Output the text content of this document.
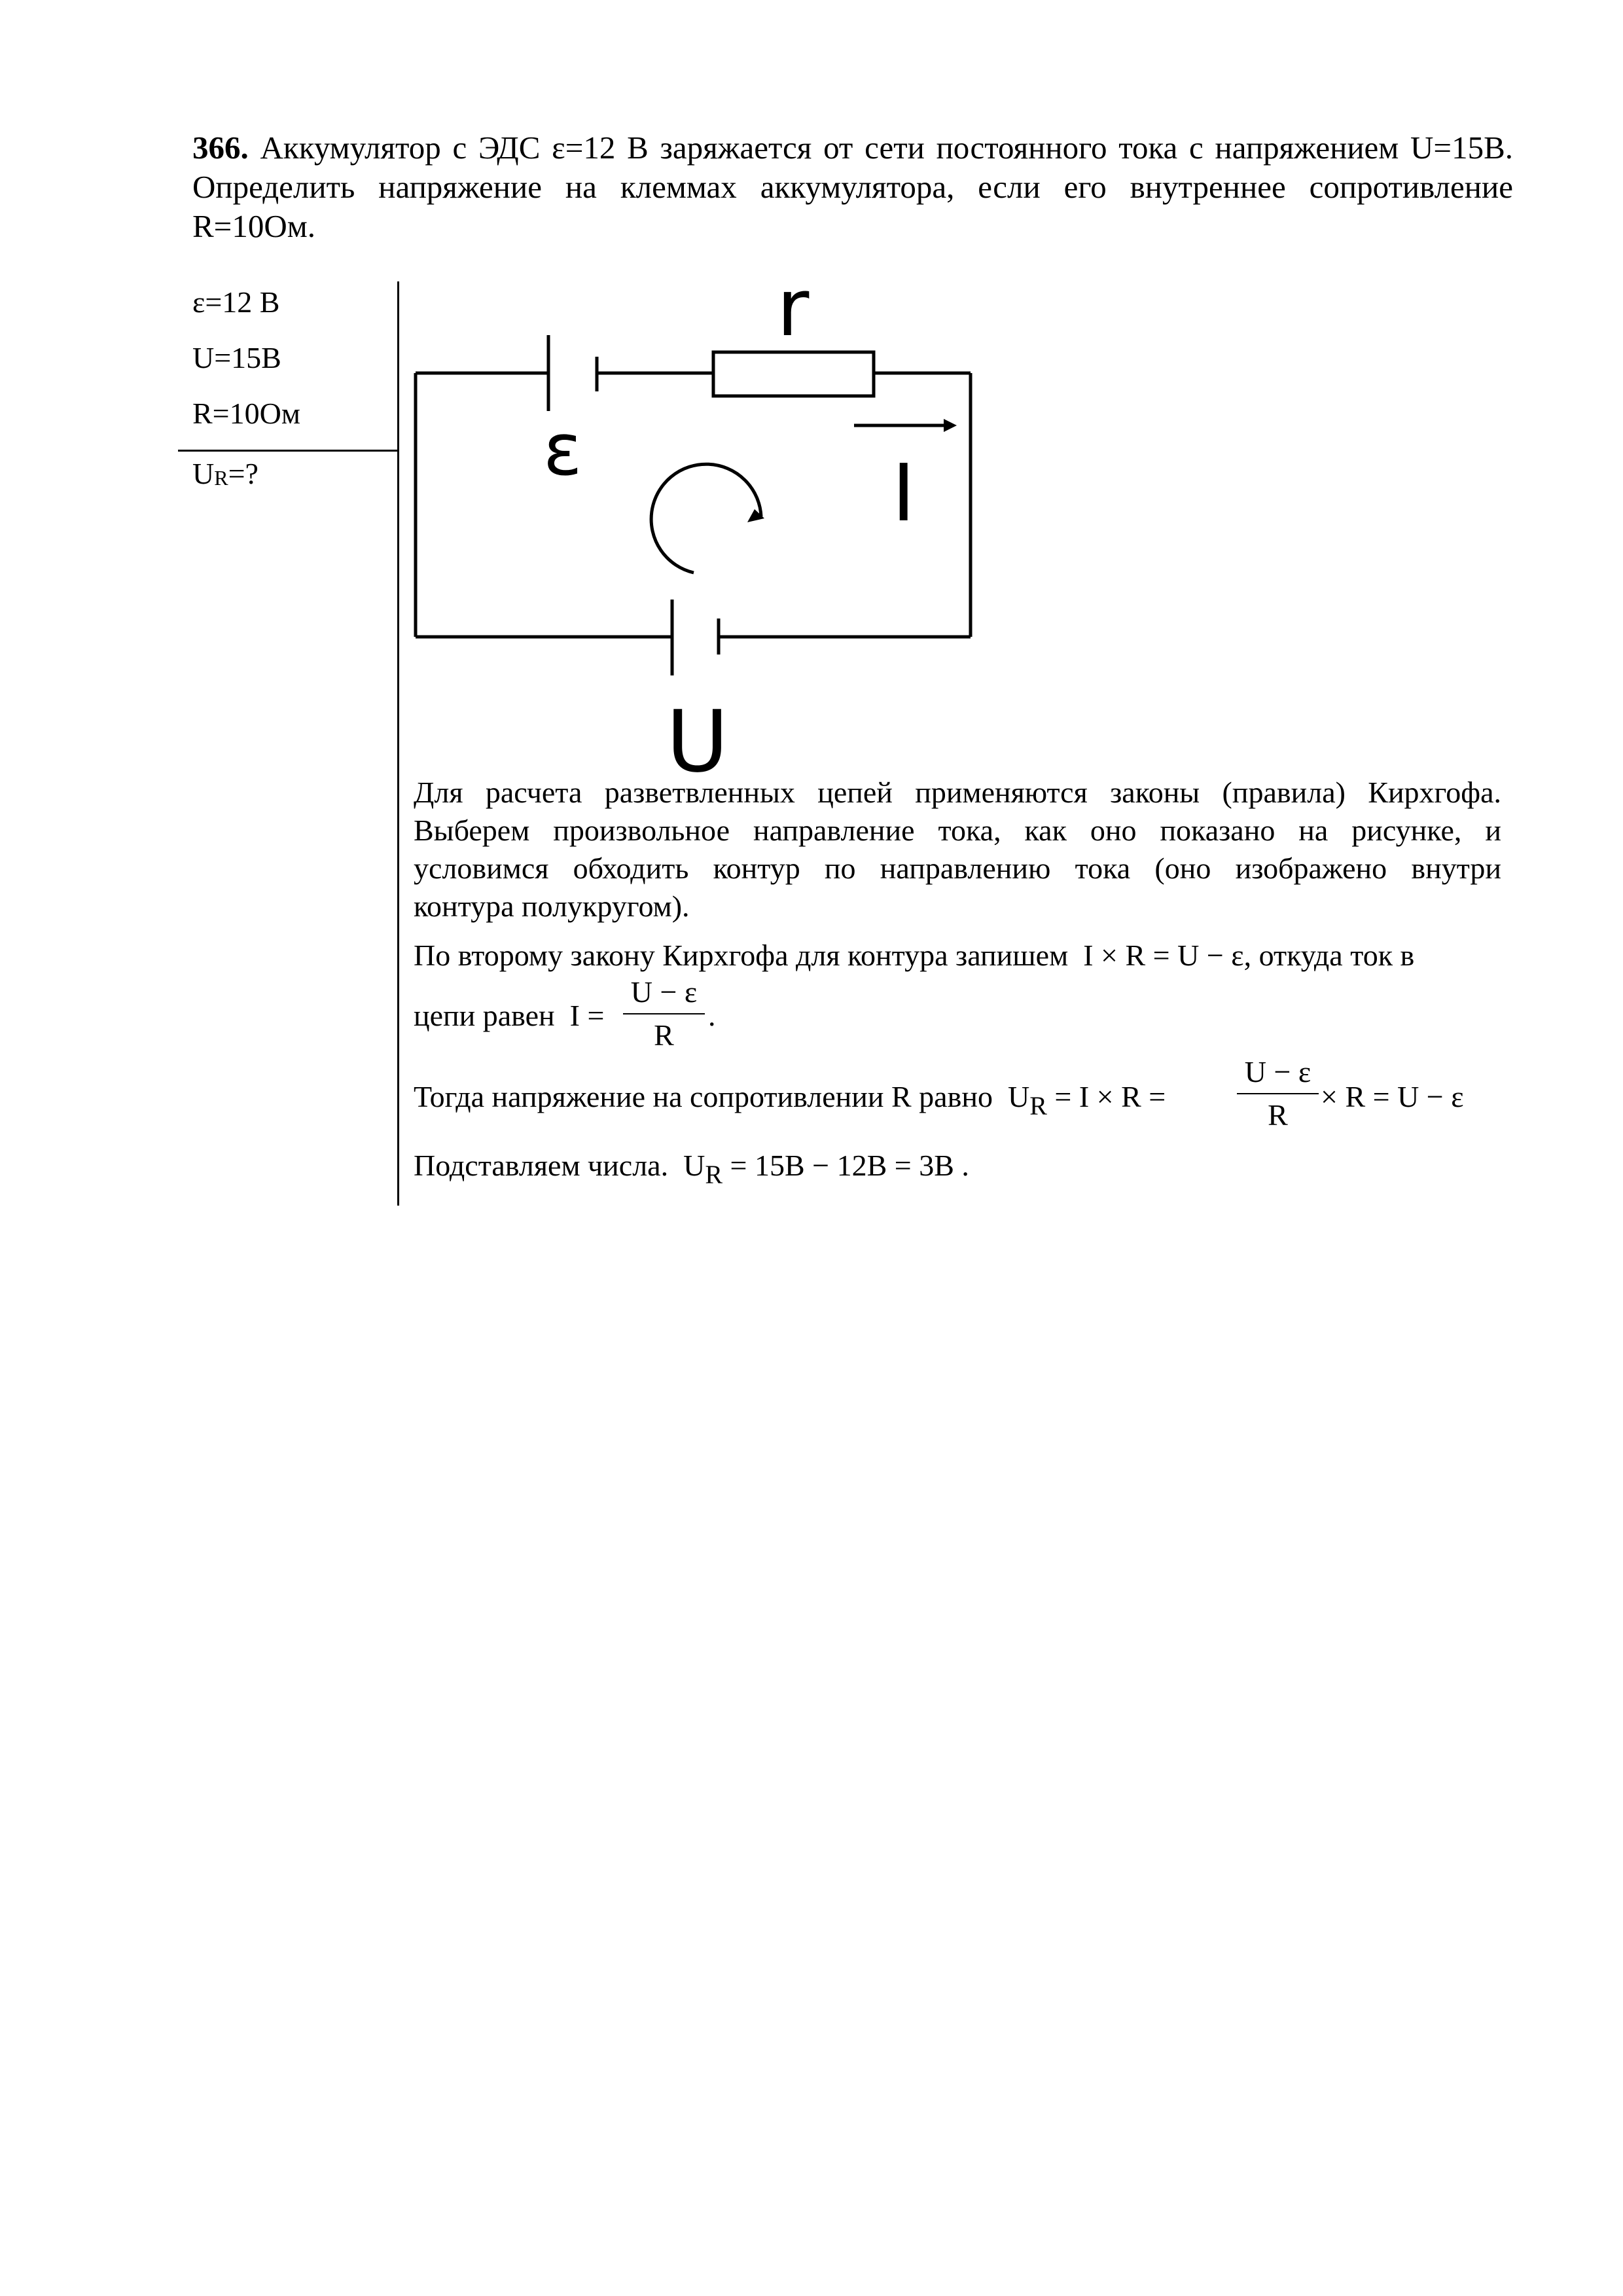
366. Аккумулятор с ЭДС ε=12 В заряжается от сети постоянного тока с напряжением U=15В.
Определить напряжение на клеммах аккумулятора, если его внутреннее сопротивление
R=10Ом.
ε=12 В
U=15В
R=10Ом
$U_R=$?
r
ε	I
U
Для расчета разветвленных цепей применяются законы (правила) Кирхгофа.
Выберем произвольное направление тока, как оно показано на рисунке, и
условимся обходить контур по направлению тока (оно изображено внутри
контура полукругом).
По второму закону Кирхгофа для контура запишем I × R = U − ε, откуда ток в
цепи равен I =
U − ε
R
.
Тогда напряжение на сопротивлении R равно UR = I × R =
U − ε
R
× R = U − ε
Подставляем числа. UR = 15В − 12В = 3В .
